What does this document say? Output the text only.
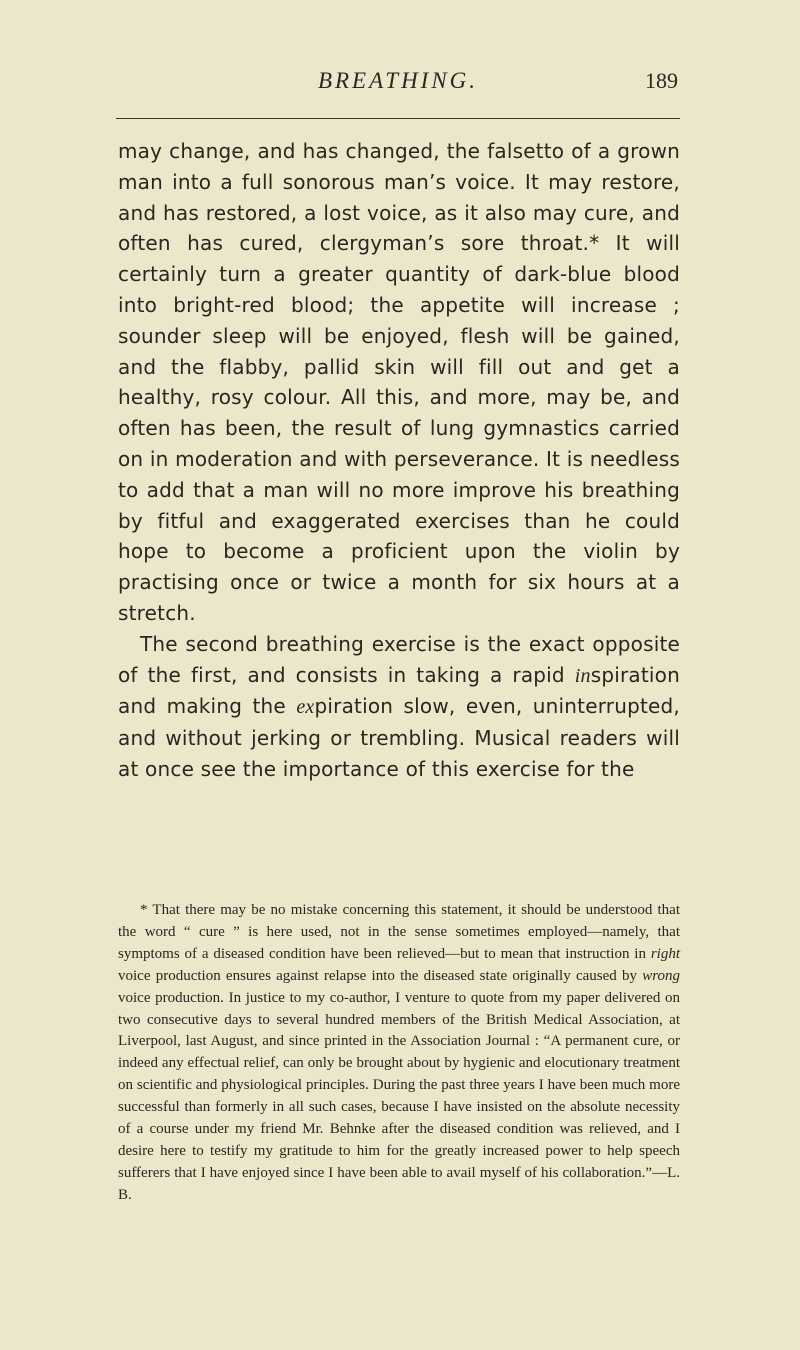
BREATHING.	189

may change, and has changed, the falsetto of a grown man into a full sonorous man’s voice. It may restore, and has restored, a lost voice, as it also may cure, and often has cured, clergyman’s sore throat.* It will certainly turn a greater quantity of dark-blue blood into bright-red blood; the appetite will increase ; sounder sleep will be enjoyed, flesh will be gained, and the flabby, pallid skin will fill out and get a healthy, rosy colour. All this, and more, may be, and often has been, the result of lung gymnastics carried on in moderation and with perseverance. It is needless to add that a man will no more improve his breathing by fitful and exaggerated exercises than he could hope to become a proficient upon the violin by practising once or twice a month for six hours at a stretch.

The second breathing exercise is the exact opposite of the first, and consists in taking a rapid inspiration and making the expiration slow, even, uninterrupted, and without jerking or trembling. Musical readers will at once see the importance of this exercise for the

* That there may be no mistake concerning this statement, it should be understood that the word “ cure ” is here used, not in the sense sometimes employed—namely, that symptoms of a diseased condition have been relieved—but to mean that instruction in right voice production ensures against relapse into the diseased state originally caused by wrong voice production. In justice to my co-author, I venture to quote from my paper delivered on two consecutive days to several hundred members of the British Medical Association, at Liverpool, last August, and since printed in the Association Journal : “A permanent cure, or indeed any effectual relief, can only be brought about by hygienic and elocutionary treatment on scientific and physiological principles. During the past three years I have been much more successful than formerly in all such cases, because I have insisted on the absolute necessity of a course under my friend Mr. Behnke after the diseased condition was relieved, and I desire here to testify my gratitude to him for the greatly increased power to help speech sufferers that I have enjoyed since I have been able to avail myself of his collaboration.”—L. B.
